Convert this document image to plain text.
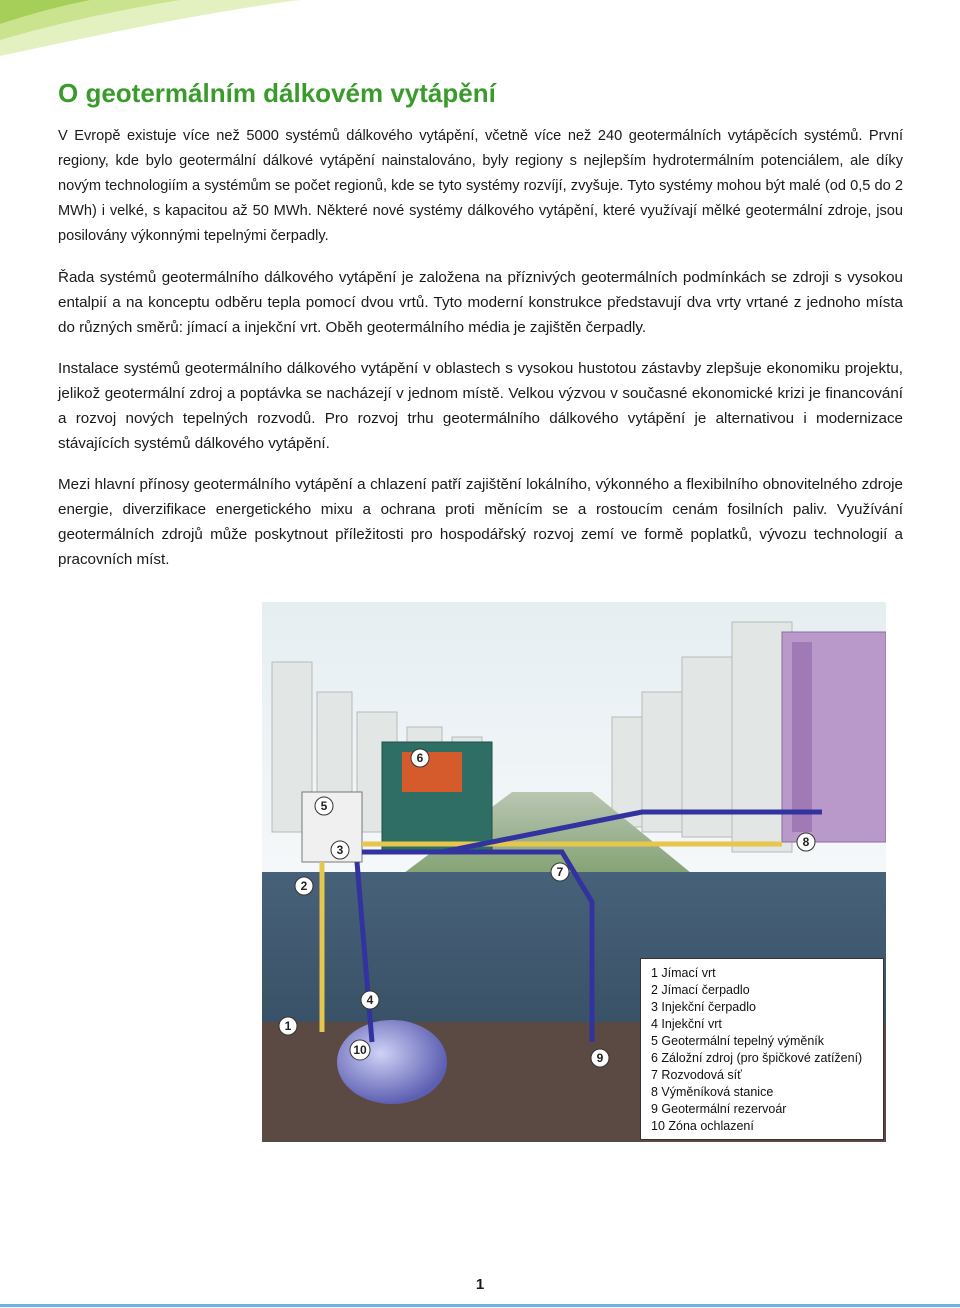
O geotermálním dálkovém vytápění

V Evropě existuje více než 5000 systémů dálkového vytápění, včetně více než 240 geotermálních vytápěcích systémů. První regiony, kde bylo geotermální dálkové vytápění nainstalováno, byly regiony s nejlepším hydrotermálním potenciálem, ale díky novým technologiím a systémům se počet regionů, kde se tyto systémy rozvíjí, zvyšuje. Tyto systémy mohou být malé (od 0,5 do 2 MWh) i velké, s kapacitou až 50 MWh. Některé nové systémy dálkového vytápění, které využívají mělké geotermální zdroje, jsou posilovány výkonnými tepelnými čerpadly.

Řada systémů geotermálního dálkového vytápění je založena na příznivých geotermálních podmínkách se zdroji s vysokou entalpií a na konceptu odběru tepla pomocí dvou vrtů. Tyto moderní konstrukce představují dva vrty vrtané z jednoho místa do různých směrů: jímací a injekční vrt. Oběh geotermálního média je zajištěn čerpadly.

Instalace systémů geotermálního dálkového vytápění v oblastech s vysokou hustotou zástavby zlepšuje ekonomiku projektu, jelikož geotermální zdroj a poptávka se nacházejí v jednom místě. Velkou výzvou v současné ekonomické krizi je financování a rozvoj nových tepelných rozvodů. Pro rozvoj trhu geotermálního dálkového vytápění je alternativou i modernizace stávajících systémů dálkového vytápění.

Mezi hlavní přínosy geotermálního vytápění a chlazení patří zajištění lokálního, výkonného a flexibilního obnovitelného zdroje energie, diverzifikace energetického mixu a ochrana proti měnícím se a rostoucím cenám fosilních paliv. Využívání geotermálních zdrojů může poskytnout příležitosti pro hospodářský rozvoj zemí ve formě poplatků, vývozu technologií a pracovních míst.

1
2
3
4
5
6
7
8
9
10
1 Jímací vrt
2 Jímací čerpadlo
3 Injekční čerpadlo
4 Injekční vrt
5 Geotermální tepelný výměník
6 Záložní zdroj (pro špičkové zatížení)
7 Rozvodová síť
8 Výměníková stanice
9 Geotermální rezervoár
10 Zóna ochlazení
1
